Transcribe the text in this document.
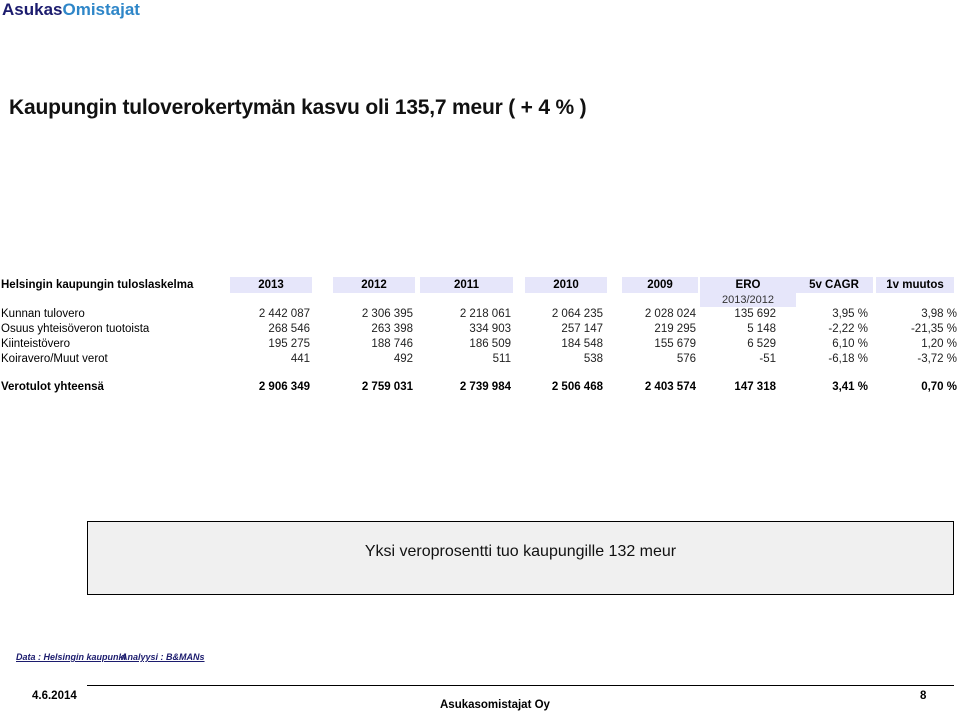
AsukasOmistajat
Kaupungin tuloverokertymän kasvu oli 135,7 meur ( + 4 % )
Helsingin kaupungin tuloslaskelma	2013	2012	2011	2010	2009	ERO	5v CAGR	1v muutos
2013/2012
Kunnan tulovero	2 442 087	2 306 395	2 218 061	2 064 235	2 028 024	135 692	3,95 %	3,98 %
Osuus yhteisöveron tuotoista	268 546	263 398	334 903	257 147	219 295	5 148	-2,22 %	-21,35 %
Kiinteistövero	195 275	188 746	186 509	184 548	155 679	6 529	6,10 %	1,20 %
Koiravero/Muut verot	441	492	511	538	576	-51	-6,18 %	-3,72 %
Verotulot yhteensä	2 906 349	2 759 031	2 739 984	2 506 468	2 403 574	147 318	3,41 %	0,70 %
Yksi veroprosentti tuo kaupungille 132 meur
Data : Helsingin kaupunki
Analyysi : B&MANs
4.6.2014
Asukasomistajat Oy
8
